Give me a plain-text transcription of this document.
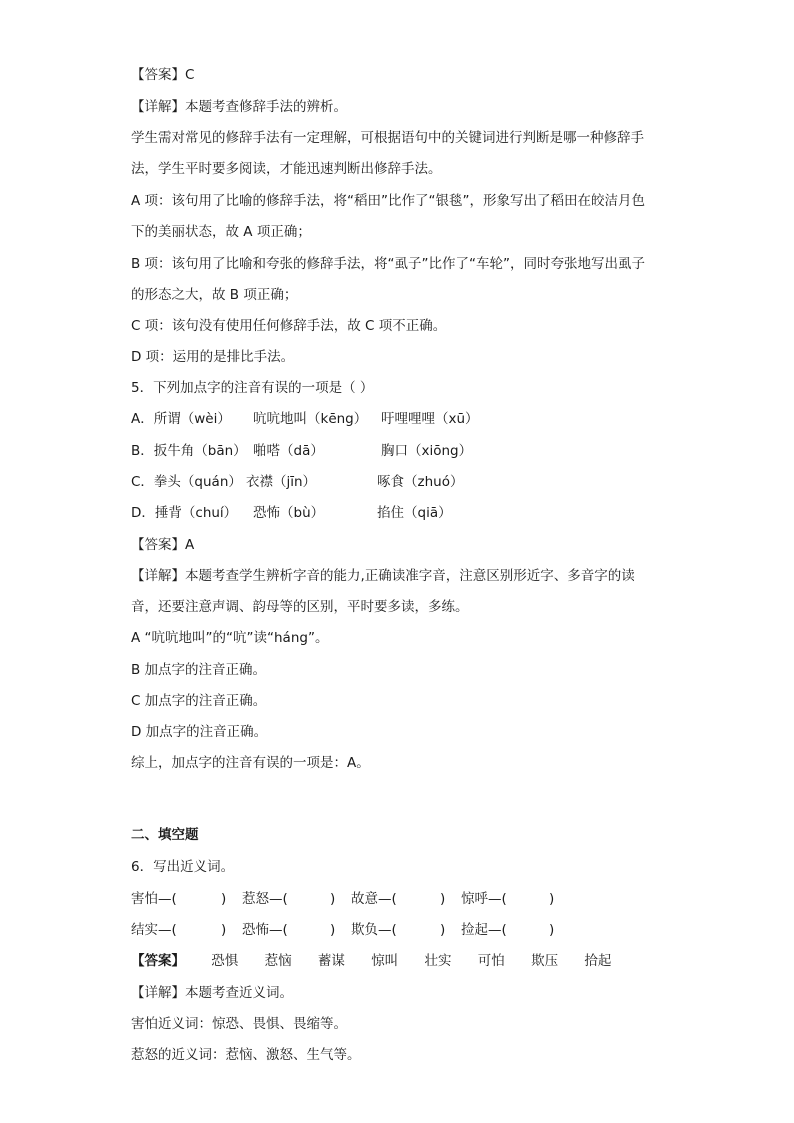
【答案】C
【详解】本题考查修辞手法的辨析。
学生需对常见的修辞手法有一定理解，可根据语句中的关键词进行判断是哪一种修辞手
法，学生平时要多阅读，才能迅速判断出修辞手法。
A 项：该句用了比喻的修辞手法，将“稻田”比作了“银毯”，形象写出了稻田在皎洁月色
下的美丽状态，故 A 项正确；
B 项：该句用了比喻和夸张的修辞手法，将“虱子”比作了“车轮”，同时夸张地写出虱子
的形态之大，故 B 项正确；
C 项：该句没有使用任何修辞手法，故 C 项不正确。
D 项：运用的是排比手法。
5．下列加点字的注音有误的一项是（ ）
A．所谓（wèi） 吭吭地叫（kēng） 吁哩哩哩（xū）
B．扳牛角（bān） 啪嗒（dā）	胸口（xiōng）
C．拳头（quán） 衣襟（jīn）	啄食（zhuó）
D．捶背（chuí） 恐怖（bù）	掐住（qiā）
【答案】A
【详解】本题考查学生辨析字音的能力,正确读准字音，注意区别形近字、多音字的读
音，还要注意声调、韵母等的区别，平时要多读，多练。
A “吭吭地叫”的“吭”读“háng”。
B 加点字的注音正确。
C 加点字的注音正确。
D 加点字的注音正确。
综上，加点字的注音有误的一项是：A。
二、填空题
6．写出近义词。
害怕—(	) 惹怒—(	) 故意—(	) 惊呼—(	)
结实—(	) 恐怖—(	) 欺负—(	) 捡起—(	)
【答案】 恐惧 惹恼 蓄谋 惊叫 壮实 可怕 欺压 拾起
【详解】本题考查近义词。
害怕近义词：惊恐、畏惧、畏缩等。
惹怒的近义词：惹恼、激怒、生气等。
